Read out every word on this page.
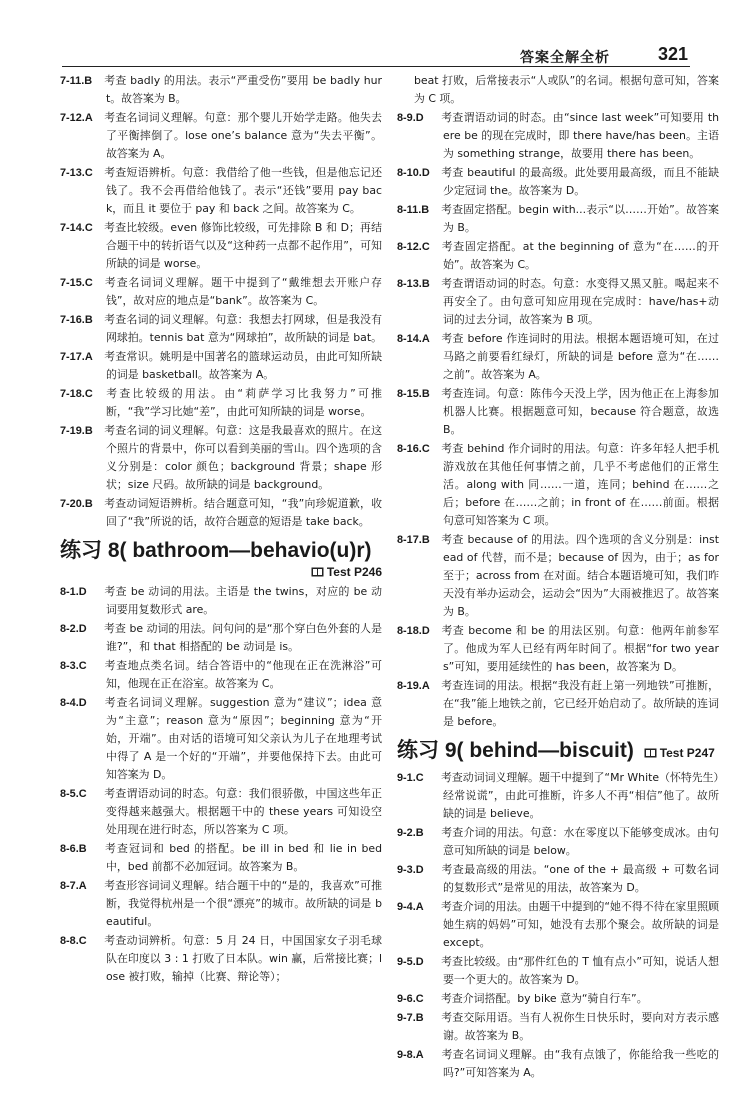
答案全解全析	321

7-11.B 考查 badly 的用法。表示“严重受伤”要用 be badly hurt。故答案为 B。

7-12.A 考查名词词义理解。句意：那个婴儿开始学走路。他失去了平衡摔倒了。lose one’s balance 意为“失去平衡”。故答案为 A。

7-13.C 考查短语辨析。句意：我借给了他一些钱，但是他忘记还钱了。我不会再借给他钱了。表示“还钱”要用 pay back，而且 it 要位于 pay 和 back 之间。故答案为 C。

7-14.C 考查比较级。even 修饰比较级，可先排除 B 和 D；再结合题干中的转折语气以及“这种药一点都不起作用”，可知所缺的词是 worse。

7-15.C 考查名词词义理解。题干中提到了“戴维想去开账户存钱”，故对应的地点是“bank”。故答案为 C。

7-16.B 考查名词的词义理解。句意：我想去打网球，但是我没有网球拍。tennis bat 意为“网球拍”，故所缺的词是 bat。

7-17.A 考查常识。姚明是中国著名的篮球运动员，由此可知所缺的词是 basketball。故答案为 A。

7-18.C 考查比较级的用法。由“莉萨学习比我努力”可推断，“我”学习比她“差”，由此可知所缺的词是 worse。

7-19.B 考查名词的词义理解。句意：这是我最喜欢的照片。在这个照片的背景中，你可以看到美丽的雪山。四个选项的含义分别是：color 颜色；background 背景；shape 形状；size 尺码。故所缺的词是 background。

7-20.B 考查动词短语辨析。结合题意可知，“我”向珍妮道歉，收回了“我”所说的话，故符合题意的短语是 take back。

练习 8( bathroom—behavio(u)r)
Test P246

8-1.D 考查 be 动词的用法。主语是 the twins，对应的 be 动词要用复数形式 are。

8-2.D 考查 be 动词的用法。问句问的是“那个穿白色外套的人是谁?”，和 that 相搭配的 be 动词是 is。

8-3.C 考查地点类名词。结合答语中的“他现在正在洗淋浴”可知，他现在正在浴室。故答案为 C。

8-4.D 考查名词词义理解。suggestion 意为“建议”；idea 意为“主意”；reason 意为“原因”；beginning 意为“开始，开端”。由对话的语境可知父亲认为儿子在地理考试中得了 A 是一个好的“开端”，并要他保持下去。由此可知答案为 D。

8-5.C 考查谓语动词的时态。句意：我们很骄傲，中国这些年正变得越来越强大。根据题干中的 these years 可知设空处用现在进行时态，所以答案为 C 项。

8-6.B 考查冠词和 bed 的搭配。be ill in bed 和 lie in bed 中，bed 前都不必加冠词。故答案为 B。

8-7.A 考查形容词词义理解。结合题干中的“是的，我喜欢”可推断，我觉得杭州是一个很“漂亮”的城市。故所缺的词是 beautiful。

8-8.C 考查动词辨析。句意：5 月 24 日，中国国家女子羽毛球队在印度以 3 : 1 打败了日本队。win 赢，后常接比赛；lose 被打败，输掉（比赛、辩论等）；

beat 打败，后常接表示“人或队”的名词。根据句意可知，答案为 C 项。

8-9.D 考查谓语动词的时态。由“since last week”可知要用 there be 的现在完成时，即 there have/has been。主语为 something strange，故要用 there has been。

8-10.D 考查 beautiful 的最高级。此处要用最高级，而且不能缺少定冠词 the。故答案为 D。

8-11.B 考查固定搭配。begin with...表示“以……开始”。故答案为 B。

8-12.C 考查固定搭配。at the beginning of 意为“在……的开始”。故答案为 C。

8-13.B 考查谓语动词的时态。句意：水变得又黑又脏。喝起来不再安全了。由句意可知应用现在完成时：have/has+动词的过去分词，故答案为 B 项。

8-14.A 考查 before 作连词时的用法。根据本题语境可知，在过马路之前要看红绿灯，所缺的词是 before 意为“在……之前”。故答案为 A。

8-15.B 考查连词。句意：陈伟今天没上学，因为他正在上海参加机器人比赛。根据题意可知，because 符合题意，故选 B。

8-16.C 考查 behind 作介词时的用法。句意：许多年轻人把手机游戏放在其他任何事情之前，几乎不考虑他们的正常生活。along with 同……一道，连同；behind 在……之后；before 在……之前；in front of 在……前面。根据句意可知答案为 C 项。

8-17.B 考查 because of 的用法。四个选项的含义分别是：instead of 代替，而不是；because of 因为，由于；as for 至于；across from 在对面。结合本题语境可知，我们昨天没有举办运动会，运动会“因为”大雨被推迟了。故答案为 B。

8-18.D 考查 become 和 be 的用法区别。句意：他两年前参军了。他成为军人已经有两年时间了。根据“for two years”可知，要用延续性的 has been，故答案为 D。

8-19.A 考查连词的用法。根据“我没有赶上第一列地铁”可推断，在“我”能上地铁之前，它已经开始启动了。故所缺的连词是 before。

练习 9( behind—biscuit) Test P247

9-1.C 考查动词词义理解。题干中提到了“Mr White（怀特先生）经常说谎”，由此可推断，许多人不再“相信”他了。故所缺的词是 believe。

9-2.B 考查介词的用法。句意：水在零度以下能够变成冰。由句意可知所缺的词是 below。

9-3.D 考查最高级的用法。“one of the + 最高级 + 可数名词的复数形式”是常见的用法，故答案为 D。

9-4.A 考查介词的用法。由题干中提到的“她不得不待在家里照顾她生病的妈妈”可知，她没有去那个聚会。故所缺的词是 except。

9-5.D 考查比较级。由“那件红色的 T 恤有点小”可知，说话人想要一个更大的。故答案为 D。

9-6.C 考查介词搭配。by bike 意为“骑自行车”。

9-7.B 考查交际用语。当有人祝你生日快乐时，要向对方表示感谢。故答案为 B。

9-8.A 考查名词词义理解。由“我有点饿了，你能给我一些吃的吗?”可知答案为 A。
